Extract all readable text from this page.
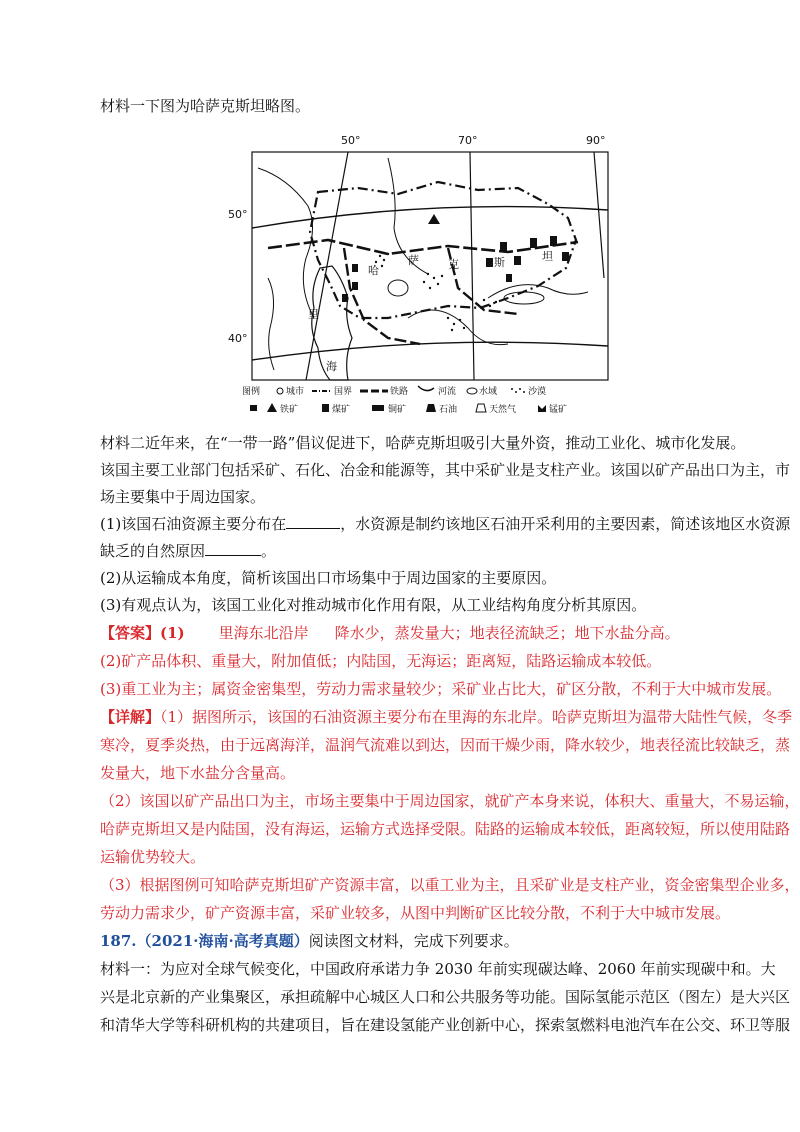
材料一下图为哈萨克斯坦略图。
哈
萨	克	斯	坦
里
海
图例	城市	国界	铁路	河流	水域	沙漠
铁矿	煤矿	铜矿	石油	天然气	锰矿
50°	70°	90°
50°
40°
材料二近年来，在“一带一路”倡议促进下，哈萨克斯坦吸引大量外资，推动工业化、城市化发展。
该国主要工业部门包括采矿、石化、冶金和能源等，其中采矿业是支柱产业。该国以矿产品出口为主，市
场主要集中于周边国家。
(1)该国石油资源主要分布在	，水资源是制约该地区石油开采利用的主要因素，简述该地区水资源
缺乏的自然原因	。
(2)从运输成本角度，简析该国出口市场集中于周边国家的主要原因。
(3)有观点认为，该国工业化对推动城市化作用有限，从工业结构角度分析其原因。
【答案】(1) 里海东北沿岸 降水少，蒸发量大；地表径流缺乏；地下水盐分高。
(2)矿产品体积、重量大，附加值低；内陆国，无海运；距离短，陆路运输成本较低。
(3)重工业为主；属资金密集型，劳动力需求量较少；采矿业占比大，矿区分散，不利于大中城市发展。
【详解】（1）据图所示，该国的石油资源主要分布在里海的东北岸。哈萨克斯坦为温带大陆性气候，冬季
寒冷，夏季炎热，由于远离海洋，温润气流难以到达，因而干燥少雨，降水较少，地表径流比较缺乏，蒸
发量大，地下水盐分含量高。
（2）该国以矿产品出口为主，市场主要集中于周边国家，就矿产本身来说，体积大、重量大，不易运输，
哈萨克斯坦又是内陆国，没有海运，运输方式选择受限。陆路的运输成本较低，距离较短，所以使用陆路
运输优势较大。
（3）根据图例可知哈萨克斯坦矿产资源丰富，以重工业为主，且采矿业是支柱产业，资金密集型企业多，
劳动力需求少，矿产资源丰富，采矿业较多，从图中判断矿区比较分散，不利于大中城市发展。
187.（2021·海南·高考真题）阅读图文材料，完成下列要求。
材料一：为应对全球气候变化，中国政府承诺力争 2030 年前实现碳达峰、2060 年前实现碳中和。大
兴是北京新的产业集聚区，承担疏解中心城区人口和公共服务等功能。国际氢能示范区（图左）是大兴区
和清华大学等科研机构的共建项目，旨在建设氢能产业创新中心，探索氢燃料电池汽车在公交、环卫等服
